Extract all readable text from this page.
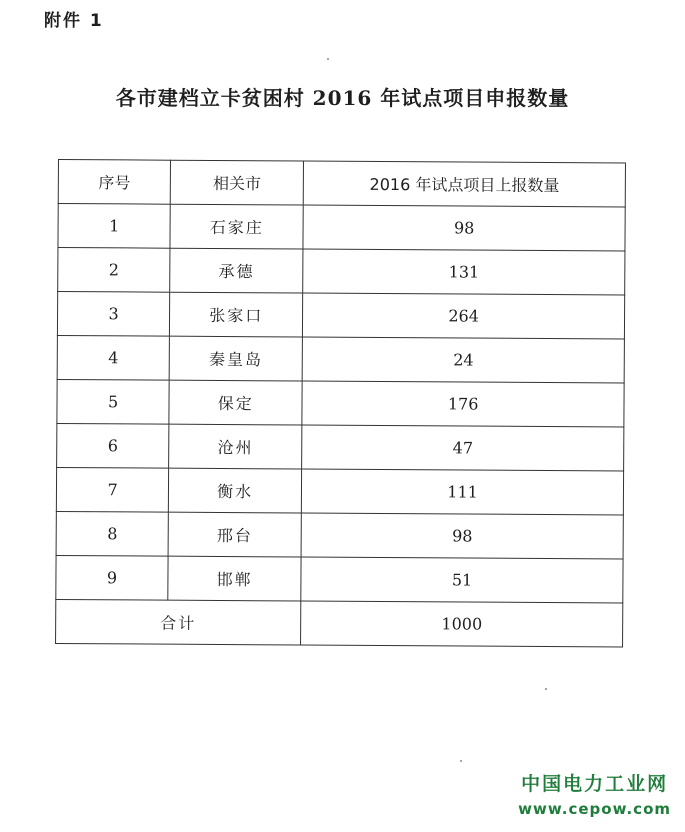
附件 1
各市建档立卡贫困村 2016 年试点项目申报数量
序号	相关市	2016 年试点项目上报数量
1	石家庄	98
2	承德	131
3	张家口	264
4	秦皇岛	24
5	保定	176
6	沧州	47
7	衡水	111
8	邢台	98
9	邯郸	51
合计		1000
中国电力工业网
www.cepow.com
